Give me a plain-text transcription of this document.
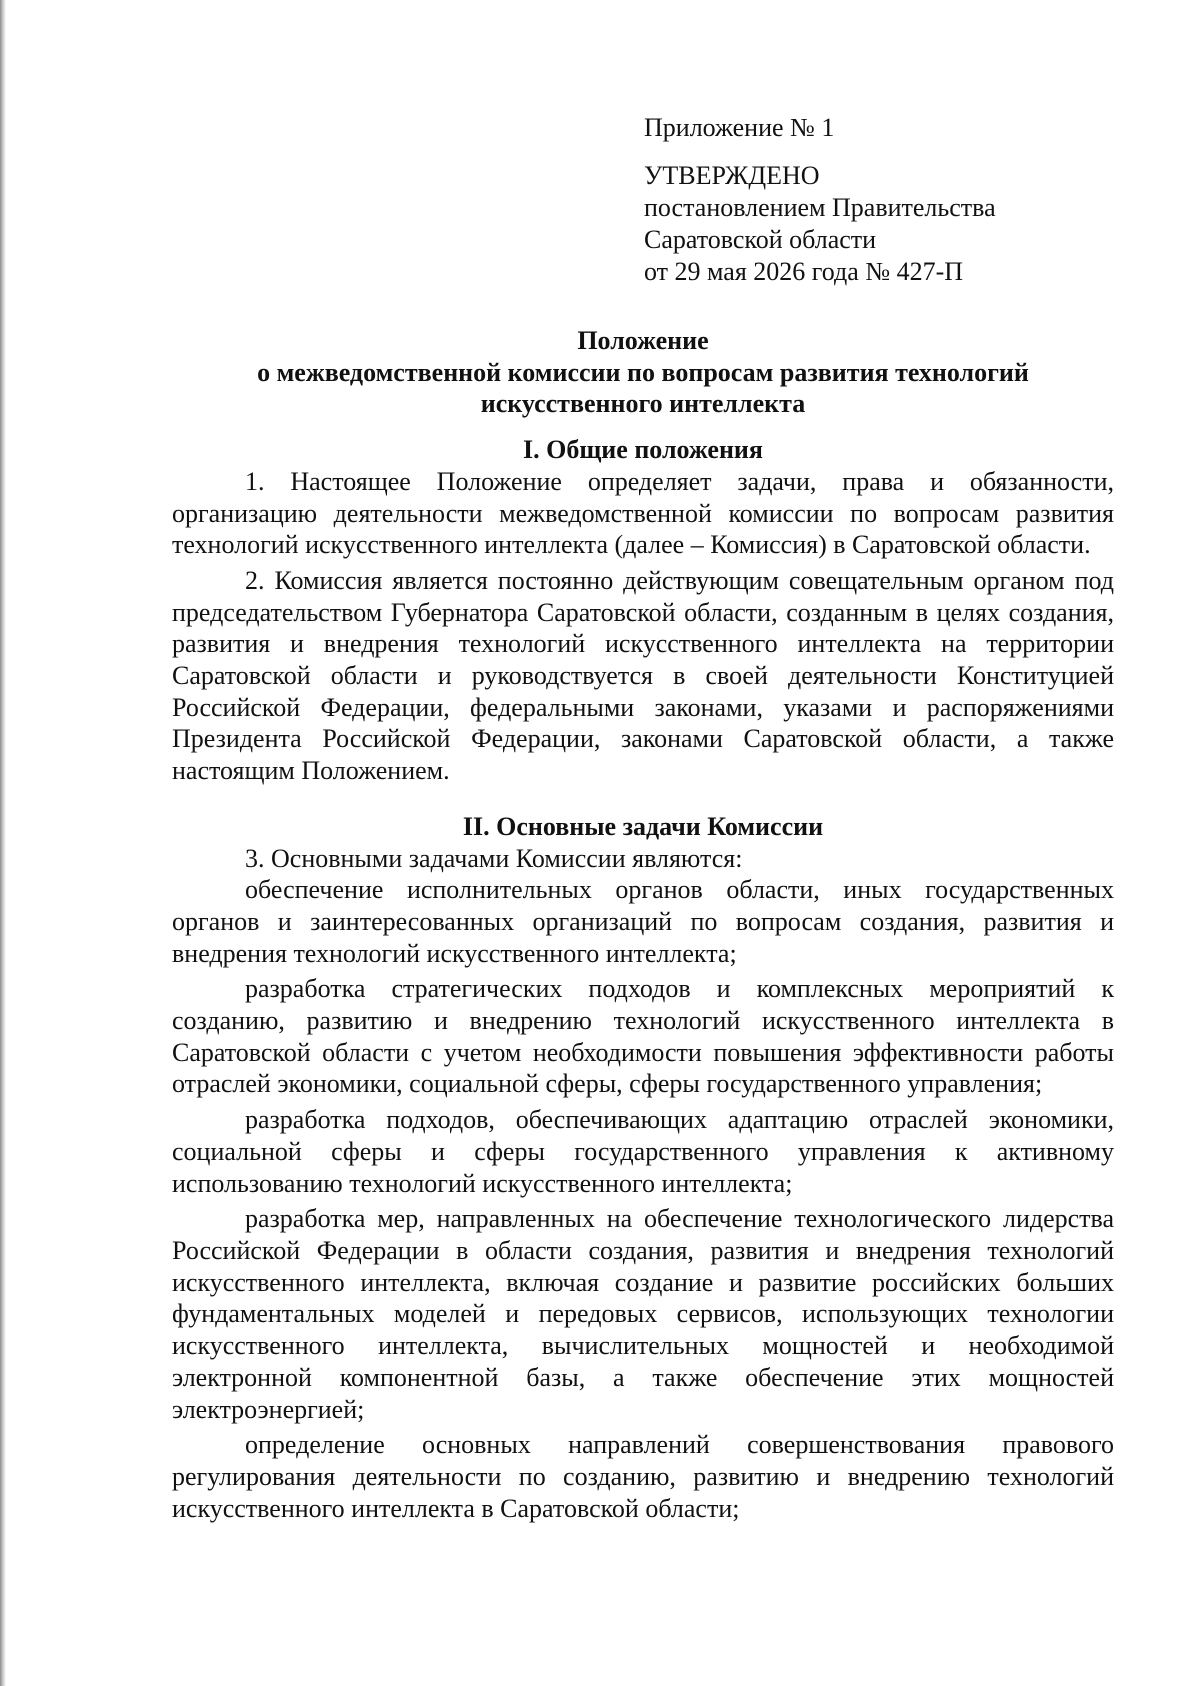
Приложение № 1
УТВЕРЖДЕНО
постановлением Правительства
Саратовской области
от 29 мая 2026 года № 427-П
Положение
о межведомственной комиссии по вопросам развития технологий
искусственного интеллекта
I. Общие положения

1. Настоящее Положение определяет задачи, права и обязанности, организацию деятельности межведомственной комиссии по вопросам развития технологий искусственного интеллекта (далее – Комиссия) в Саратовской области.

2. Комиссия является постоянно действующим совещательным органом под председательством Губернатора Саратовской области, созданным в целях создания, развития и внедрения технологий искусственного интеллекта на территории Саратовской области и руководствуется в своей деятельности Конституцией Российской Федерации, федеральными законами, указами и распоряжениями Президента Российской Федерации, законами Саратовской области, а также настоящим Положением.

II. Основные задачи Комиссии

3. Основными задачами Комиссии являются:

обеспечение исполнительных органов области, иных государственных органов и заинтересованных организаций по вопросам создания, развития и внедрения технологий искусственного интеллекта;

разработка стратегических подходов и комплексных мероприятий к созданию, развитию и внедрению технологий искусственного интеллекта в Саратовской области с учетом необходимости повышения эффективности работы отраслей экономики, социальной сферы, сферы государственного управления;

разработка подходов, обеспечивающих адаптацию отраслей экономики, социальной сферы и сферы государственного управления к активному использованию технологий искусственного интеллекта;

разработка мер, направленных на обеспечение технологического лидерства Российской Федерации в области создания, развития и внедрения технологий искусственного интеллекта, включая создание и развитие российских больших фундаментальных моделей и передовых сервисов, использующих технологии искусственного интеллекта, вычислительных мощностей и необходимой электронной компонентной базы, а также обеспечение этих мощностей электроэнергией;

определение основных направлений совершенствования правового регулирования деятельности по созданию, развитию и внедрению технологий искусственного интеллекта в Саратовской области;
